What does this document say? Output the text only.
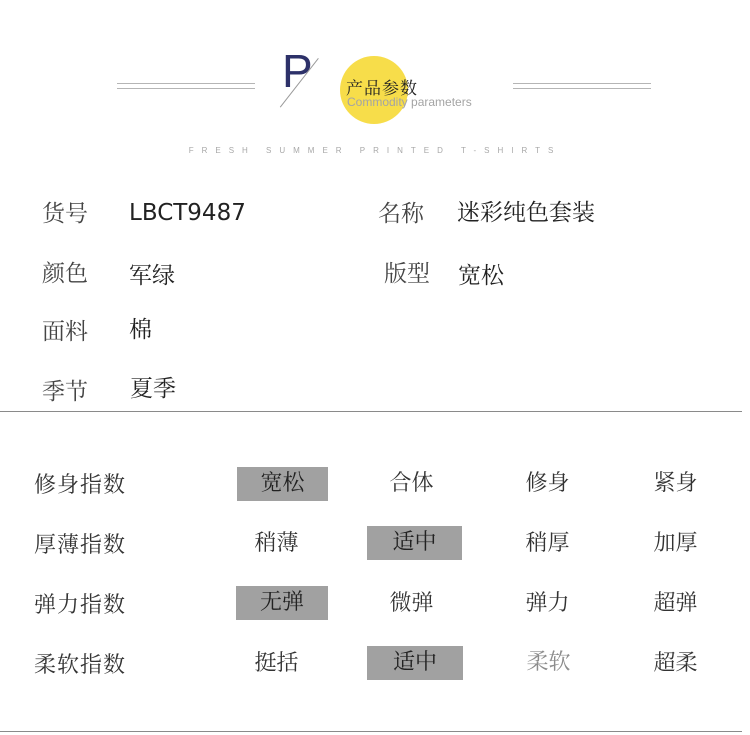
P 产品参数
Commodity parameters
FRESH SUMMER PRINTED T-SHIRTS
货号 LBCT9487	名称 迷彩纯色套装
颜色 军绿	版型 宽松
面料 棉
季节 夏季
修身指数	宽松	合体	修身	紧身
厚薄指数	稍薄	适中	稍厚	加厚
弹力指数	无弹	微弹	弹力	超弹
柔软指数	挺括	适中	柔软	超柔
